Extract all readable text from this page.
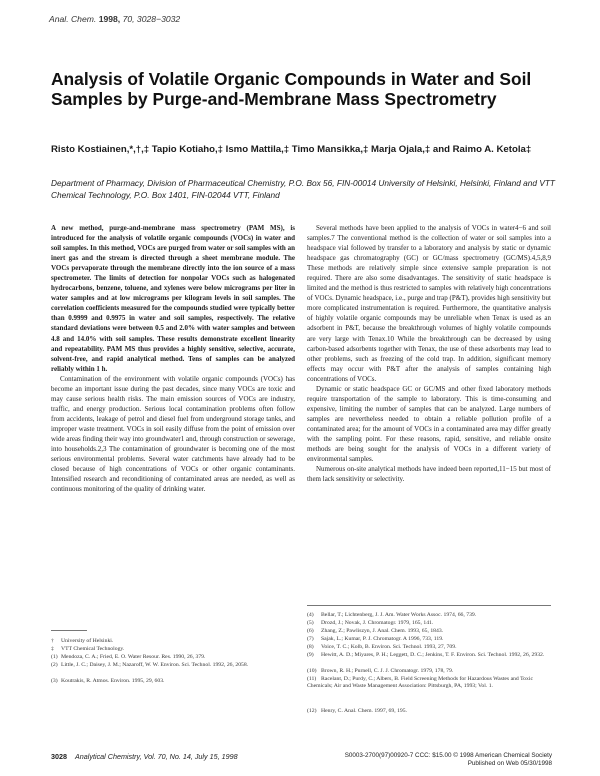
Anal. Chem. 1998, 70, 3028−3032
Analysis of Volatile Organic Compounds in Water and Soil Samples by Purge-and-Membrane Mass Spectrometry

Risto Kostiainen,*,†,‡ Tapio Kotiaho,‡ Ismo Mattila,‡ Timo Mansikka,‡ Marja Ojala,‡ and Raimo A. Ketola‡

Department of Pharmacy, Division of Pharmaceutical Chemistry, P.O. Box 56, FIN-00014 University of Helsinki, Helsinki, Finland and VTT Chemical Technology, P.O. Box 1401, FIN-02044 VTT, Finland

A new method, purge-and-membrane mass spectrometry (PAM MS), is introduced for the analysis of volatile organic compounds (VOCs) in water and soil samples. In this method, VOCs are purged from water or soil samples with an inert gas and the stream is directed through a sheet membrane module. The VOCs pervaporate through the membrane directly into the ion source of a mass spectrometer. The limits of detection for nonpolar VOCs such as halogenated hydrocarbons, benzene, toluene, and xylenes were below micrograms per liter in water samples and at low micrograms per kilogram levels in soil samples. The correlation coefficients measured for the compounds studied were typically better than 0.9999 and 0.9975 in water and soil samples, respectively. The relative standard deviations were between 0.5 and 2.0% with water samples and between 4.8 and 14.0% with soil samples. These results demonstrate excellent linearity and repeatability. PAM MS thus provides a highly sensitive, selective, accurate, solvent-free, and rapid analytical method. Tens of samples can be analyzed reliably within 1 h.

Contamination of the environment with volatile organic compounds (VOCs) has become an important issue during the past decades, since many VOCs are toxic and may cause serious health risks. The main emission sources of VOCs are industry, traffic, and energy production. Serious local contamination problems often follow from accidents, leakage of petrol and diesel fuel from underground storage tanks, and improper waste treatment. VOCs in soil easily diffuse from the point of emission over wide areas finding their way into groundwater1 and, through construction or sewerage, into households.2,3 The contamination of groundwater is becoming one of the most serious environmental problems. Several water catchments have already had to be closed because of high concentrations of VOCs or other organic contaminants. Intensified research and reconditioning of contaminated areas are needed, as well as continuous monitoring of the quality of drinking water.

Several methods have been applied to the analysis of VOCs in water4−6 and soil samples.7 The conventional method is the collection of water or soil samples into a headspace vial followed by transfer to a laboratory and analysis by static or dynamic headspace gas chromatography (GC) or GC/mass spectrometry (GC/MS).4,5,8,9 These methods are relatively simple since extensive sample preparation is not required. There are also some disadvantages. The sensitivity of static headspace is limited and the method is thus restricted to samples with relatively high concentrations of VOCs. Dynamic headspace, i.e., purge and trap (P&T), provides high sensitivity but more complicated instrumentation is required. Furthermore, the quantitative analysis of highly volatile organic compounds may be unreliable when Tenax is used as an adsorbent in P&T, because the breakthrough volumes of highly volatile compounds are very large with Tenax.10 While the breakthrough can be decreased by using carbon-based adsorbents together with Tenax, the use of these adsorbents may lead to other problems, such as freezing of the cold trap. In addition, significant memory effects may occur with P&T after the analysis of samples containing high concentrations of VOCs.

Dynamic or static headspace GC or GC/MS and other fixed laboratory methods require transportation of the sample to laboratory. This is time-consuming and expensive, limiting the number of samples that can be analyzed. Large numbers of samples are nevertheless needed to obtain a reliable pollution profile of a contaminated area; for the amount of VOCs in a contaminated area may differ greatly with the sampling point. For these reasons, rapid, sensitive, and reliable onsite methods are being sought for the analysis of VOCs in a different variety of environmental samples.

Numerous on-site analytical methods have indeed been reported,11−15 but most of them lack sensitivity or selectivity.

† University of Helsinki.

‡ VTT Chemical Technology.

(1) Mendoza, C. A.; Fried, E. O. Water Resour. Res. 1990, 26, 379.

(2) Little, J. C.; Daisey, J. M.; Nazaroff, W. W. Environ. Sci. Technol. 1992, 26, 2058.

(3) Koutrakis, R. Atmos. Environ. 1995, 29, 603.

(4) Bellar, T.; Lichtenberg, J. J. Am. Water Works Assoc. 1974, 66, 739.

(5) Drozd, J.; Novak, J. Chromatogr. 1979, 165, 141.

(6) Zhang, Z.; Pawliszyn, J. Anal. Chem. 1993, 65, 1843.

(7) Sajak, L.; Kumar, P. J. Chromatogr. A 1996, 733, 119.

(8) Voice, T. C.; Kolb, B. Environ. Sci. Technol. 1993, 27, 709.

(9) Hewitt, A. D.; Miyares, P. H.; Leggett, D. C.; Jenkins, T. F. Environ. Sci. Technol. 1992, 26, 2932.

(10) Brown, R. H.; Purnell, C. J. J. Chromatogr. 1979, 178, 79.

(11) Racelant, D.; Purdy, C.; Albers, B. Field Screening Methods for Hazardous Wastes and Toxic Chemicals; Air and Waste Management Association: Pittsburgh, PA, 1993; Vol. 1.

(12) Henry, C. Anal. Chem. 1997, 69, 195.

3028 Analytical Chemistry, Vol. 70, No. 14, July 15, 1998	S0003-2700(97)00920-7 CCC: $15.00 © 1998 American Chemical Society
Published on Web 05/30/1998
